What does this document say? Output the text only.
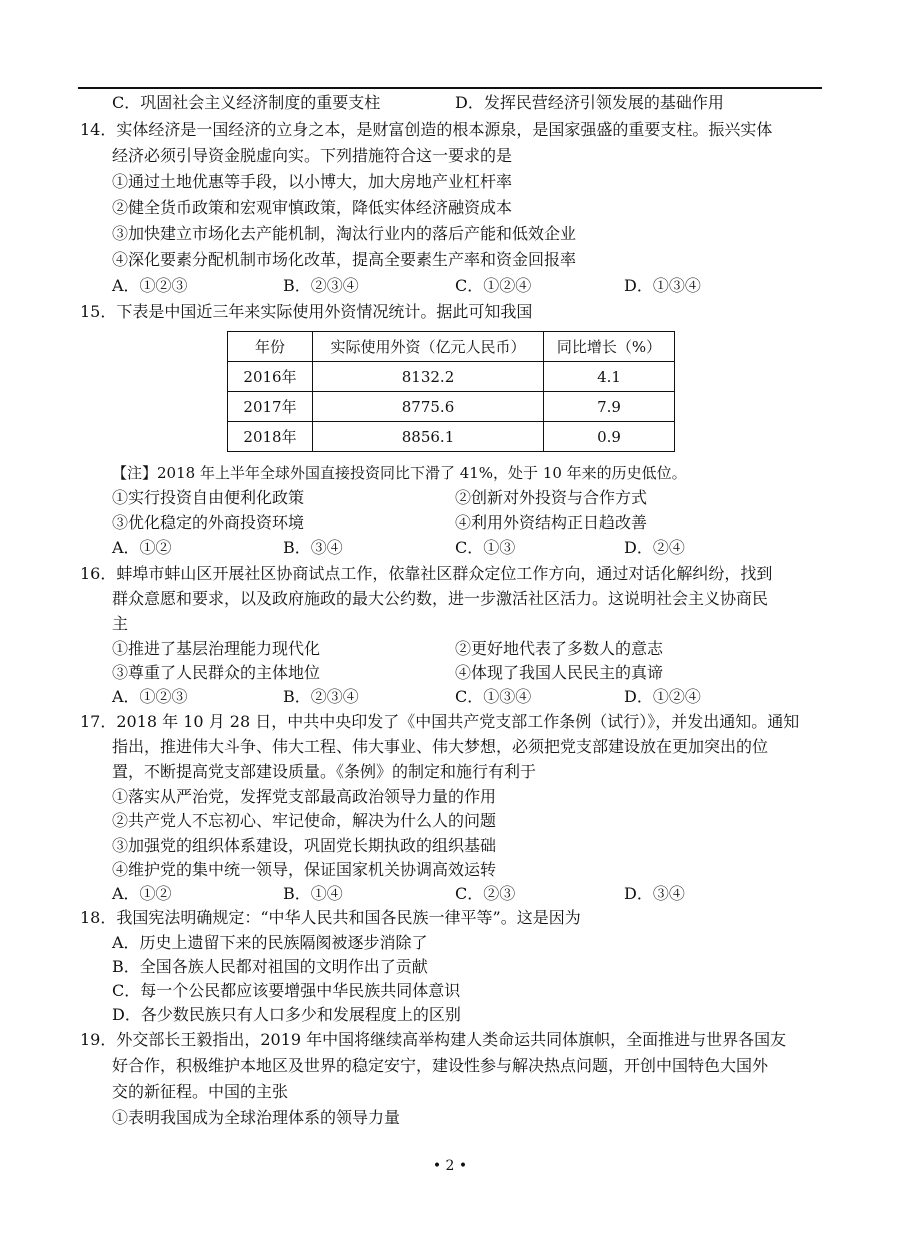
C．巩固社会主义经济制度的重要支柱	D．发挥民营经济引领发展的基础作用
14．实体经济是一国经济的立身之本，是财富创造的根本源泉，是国家强盛的重要支柱。振兴实体
经济必须引导资金脱虚向实。下列措施符合这一要求的是
①通过土地优惠等手段，以小博大，加大房地产业杠杆率
②健全货币政策和宏观审慎政策，降低实体经济融资成本
③加快建立市场化去产能机制，淘汰行业内的落后产能和低效企业
④深化要素分配机制市场化改革，提高全要素生产率和资金回报率
A．①②③	B．②③④	C．①②④	D．①③④
15．下表是中国近三年来实际使用外资情况统计。据此可知我国
年份	实际使用外资（亿元人民币）	同比增长（%）
2016年	8132.2	4.1
2017年	8775.6	7.9
2018年	8856.1	0.9
【注】2018 年上半年全球外国直接投资同比下滑了 41%，处于 10 年来的历史低位。
①实行投资自由便利化政策	②创新对外投资与合作方式
③优化稳定的外商投资环境	④利用外资结构正日趋改善
A．①②	B．③④	C．①③	D．②④
16．蚌埠市蚌山区开展社区协商试点工作，依靠社区群众定位工作方向，通过对话化解纠纷，找到
群众意愿和要求，以及政府施政的最大公约数，进一步激活社区活力。这说明社会主义协商民
主
①推进了基层治理能力现代化	②更好地代表了多数人的意志
③尊重了人民群众的主体地位	④体现了我国人民民主的真谛
A．①②③	B．②③④	C．①③④	D．①②④
17．2018 年 10 月 28 日，中共中央印发了《中国共产党支部工作条例（试行）》，并发出通知。通知
指出，推进伟大斗争、伟大工程、伟大事业、伟大梦想，必须把党支部建设放在更加突出的位
置，不断提高党支部建设质量。《条例》的制定和施行有利于
①落实从严治党，发挥党支部最高政治领导力量的作用
②共产党人不忘初心、牢记使命，解决为什么人的问题
③加强党的组织体系建设，巩固党长期执政的组织基础
④维护党的集中统一领导，保证国家机关协调高效运转
A．①②	B．①④	C．②③	D．③④
18．我国宪法明确规定：“中华人民共和国各民族一律平等”。这是因为
A．历史上遗留下来的民族隔阂被逐步消除了
B．全国各族人民都对祖国的文明作出了贡献
C．每一个公民都应该要增强中华民族共同体意识
D．各少数民族只有人口多少和发展程度上的区别
19．外交部长王毅指出，2019 年中国将继续高举构建人类命运共同体旗帜，全面推进与世界各国友
好合作，积极维护本地区及世界的稳定安宁，建设性参与解决热点问题，开创中国特色大国外
交的新征程。中国的主张
①表明我国成为全球治理体系的领导力量
• 2 •
